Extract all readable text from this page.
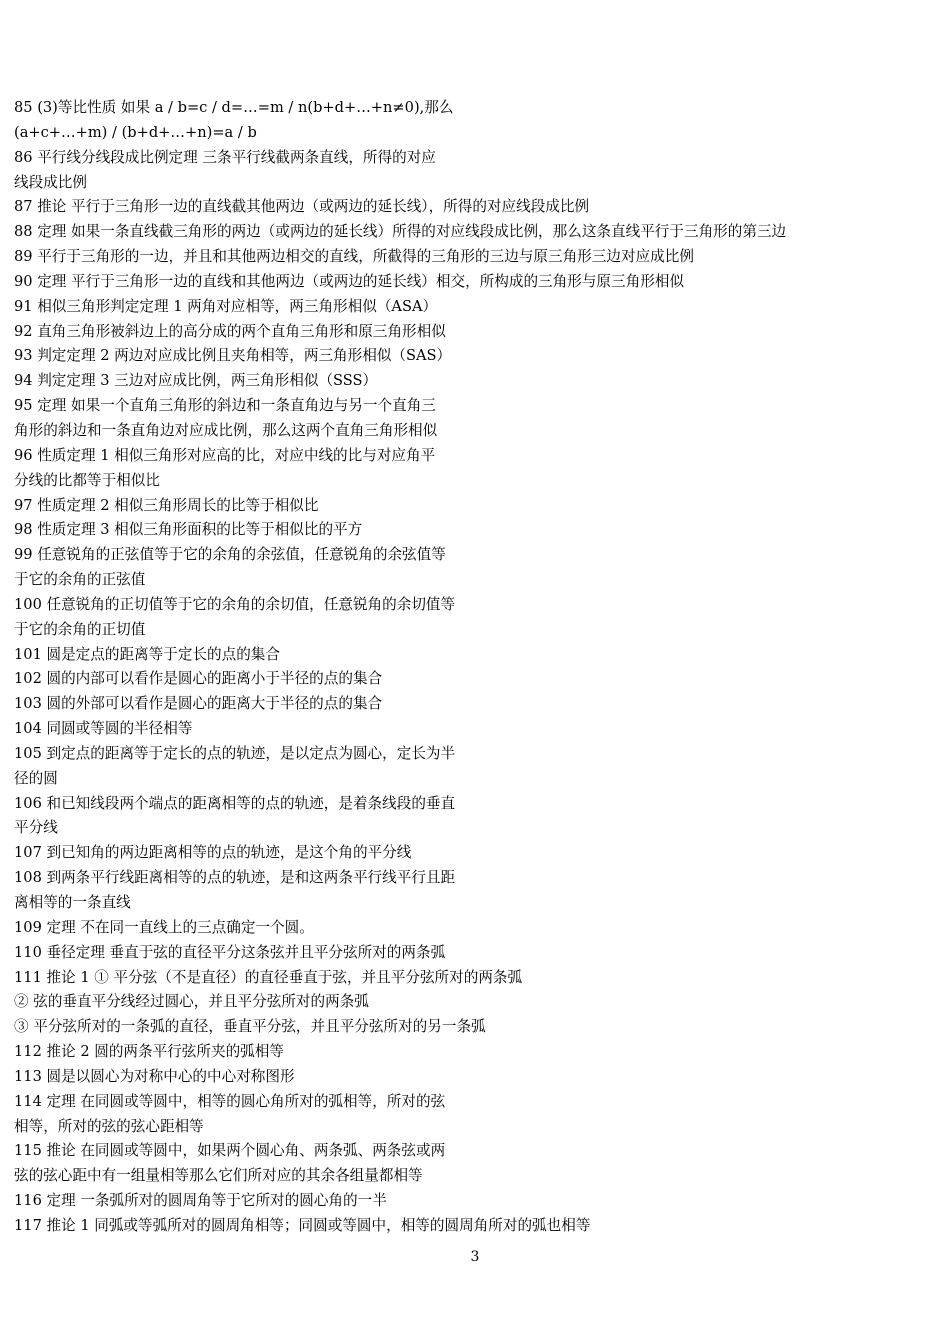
85 (3)等比性质 如果 a / b=c / d=…=m / n(b+d+…+n≠0),那么
(a+c+…+m) / (b+d+…+n)=a / b
86 平行线分线段成比例定理 三条平行线截两条直线，所得的对应
线段成比例
87 推论 平行于三角形一边的直线截其他两边（或两边的延长线），所得的对应线段成比例
88 定理 如果一条直线截三角形的两边（或两边的延长线）所得的对应线段成比例，那么这条直线平行于三角形的第三边
89 平行于三角形的一边，并且和其他两边相交的直线，所截得的三角形的三边与原三角形三边对应成比例
90 定理 平行于三角形一边的直线和其他两边（或两边的延长线）相交，所构成的三角形与原三角形相似
91 相似三角形判定定理 1 两角对应相等，两三角形相似（ASA）
92 直角三角形被斜边上的高分成的两个直角三角形和原三角形相似
93 判定定理 2 两边对应成比例且夹角相等，两三角形相似（SAS）
94 判定定理 3 三边对应成比例，两三角形相似（SSS）
95 定理 如果一个直角三角形的斜边和一条直角边与另一个直角三
角形的斜边和一条直角边对应成比例，那么这两个直角三角形相似
96 性质定理 1 相似三角形对应高的比，对应中线的比与对应角平
分线的比都等于相似比
97 性质定理 2 相似三角形周长的比等于相似比
98 性质定理 3 相似三角形面积的比等于相似比的平方
99 任意锐角的正弦值等于它的余角的余弦值，任意锐角的余弦值等
于它的余角的正弦值
100 任意锐角的正切值等于它的余角的余切值，任意锐角的余切值等
于它的余角的正切值
101 圆是定点的距离等于定长的点的集合
102 圆的内部可以看作是圆心的距离小于半径的点的集合
103 圆的外部可以看作是圆心的距离大于半径的点的集合
104 同圆或等圆的半径相等
105 到定点的距离等于定长的点的轨迹，是以定点为圆心，定长为半
径的圆
106 和已知线段两个端点的距离相等的点的轨迹，是着条线段的垂直
平分线
107 到已知角的两边距离相等的点的轨迹，是这个角的平分线
108 到两条平行线距离相等的点的轨迹，是和这两条平行线平行且距
离相等的一条直线
109 定理 不在同一直线上的三点确定一个圆。
110 垂径定理 垂直于弦的直径平分这条弦并且平分弦所对的两条弧
111 推论 1 ① 平分弦（不是直径）的直径垂直于弦，并且平分弦所对的两条弧
② 弦的垂直平分线经过圆心，并且平分弦所对的两条弧
③ 平分弦所对的一条弧的直径，垂直平分弦，并且平分弦所对的另一条弧
112 推论 2 圆的两条平行弦所夹的弧相等
113 圆是以圆心为对称中心的中心对称图形
114 定理 在同圆或等圆中，相等的圆心角所对的弧相等，所对的弦
相等，所对的弦的弦心距相等
115 推论 在同圆或等圆中，如果两个圆心角、两条弧、两条弦或两
弦的弦心距中有一组量相等那么它们所对应的其余各组量都相等
116 定理 一条弧所对的圆周角等于它所对的圆心角的一半
117 推论 1 同弧或等弧所对的圆周角相等；同圆或等圆中，相等的圆周角所对的弧也相等
3
